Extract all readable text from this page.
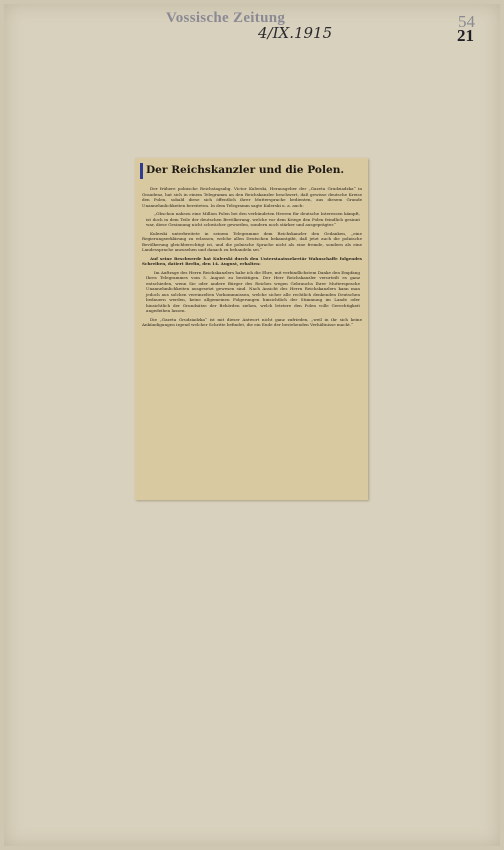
Vossische Zeitung
4/IX.1915
54
21
Der Reichskanzler und die Polen.

Der frühere polnische Reichstagsabg. Victor Kulerski, Herausgeber der „Gazeta Grudziadzka“ in Graudenz, hat sich in einem Telegramm an den Reichskanzler beschwert, daß gewisse deutsche Kreise den Polen, sobald diese sich öffentlich ihrer Muttersprache bedienten, aus diesem Grunde Unannehmlichkeiten bereiteten. In dem Telegramm sagte Kulerski u. a. auch:

„Obschon nahezu eine Million Polen bei den verbündeten Heeren für deutsche Interessen kämpft, ist doch in dem Teile der deutschen Bevölkerung, welche vor dem Kriege den Polen feindlich gesinnt war, diese Gesinnung nicht schwächer geworden, sondern noch stärker und ausgeprägter.“

Kulerski unterbreitete in seinem Telegramme dem Reichskanzler den Gedanken, „eine Regierungserklärung zu erlassen, welche allen Deutschen bekanntgibt, daß jetzt auch die polnische Bevölkerung gleichberechtigt ist, und die polnische Sprache nicht als eine fremde, sondern als eine Landessprache anzusehen und danach zu behandeln sei.“

Auf seine Beschwerde hat Kulerski durch den Unterstaatssekretär Wahnschaffe folgendes Schreiben, datiert Berlin, den 14. August, erhalten:

Im Auftrage des Herrn Reichskanzlers habe ich die Ehre, mit verbindlichstem Danke den Empfang Ihres Telegrammes vom 5. August zu bestätigen. Der Herr Reichskanzler verurteilt es ganz entschieden, wenn Sie oder andere Bürger des Reiches wegen Gebrauchs Ihrer Muttersprache Unannehmlichkeiten ausgesetzt gewesen sind. Nach Ansicht des Herrn Reichskanzlers kann man jedoch aus solchen vereinzelten Vorkommnissen, welche sicher alle rechtlich denkenden Deutschen bedauern werden, keine allgemeinen Folgerungen hinsichtlich der Stimmung im Lande oder hinsichtlich der Grundsätze der Behörden ziehen, welch letztere den Polen volle Gerechtigkeit angedeihen lassen.

Die „Gazeta Grudziadzka“ ist mit dieser Antwort nicht ganz zufrieden, „weil in ihr sich keine Ankündigungen irgend welcher Schritte befindet, die ein Ende der bestehenden Verhältnisse macht.“
